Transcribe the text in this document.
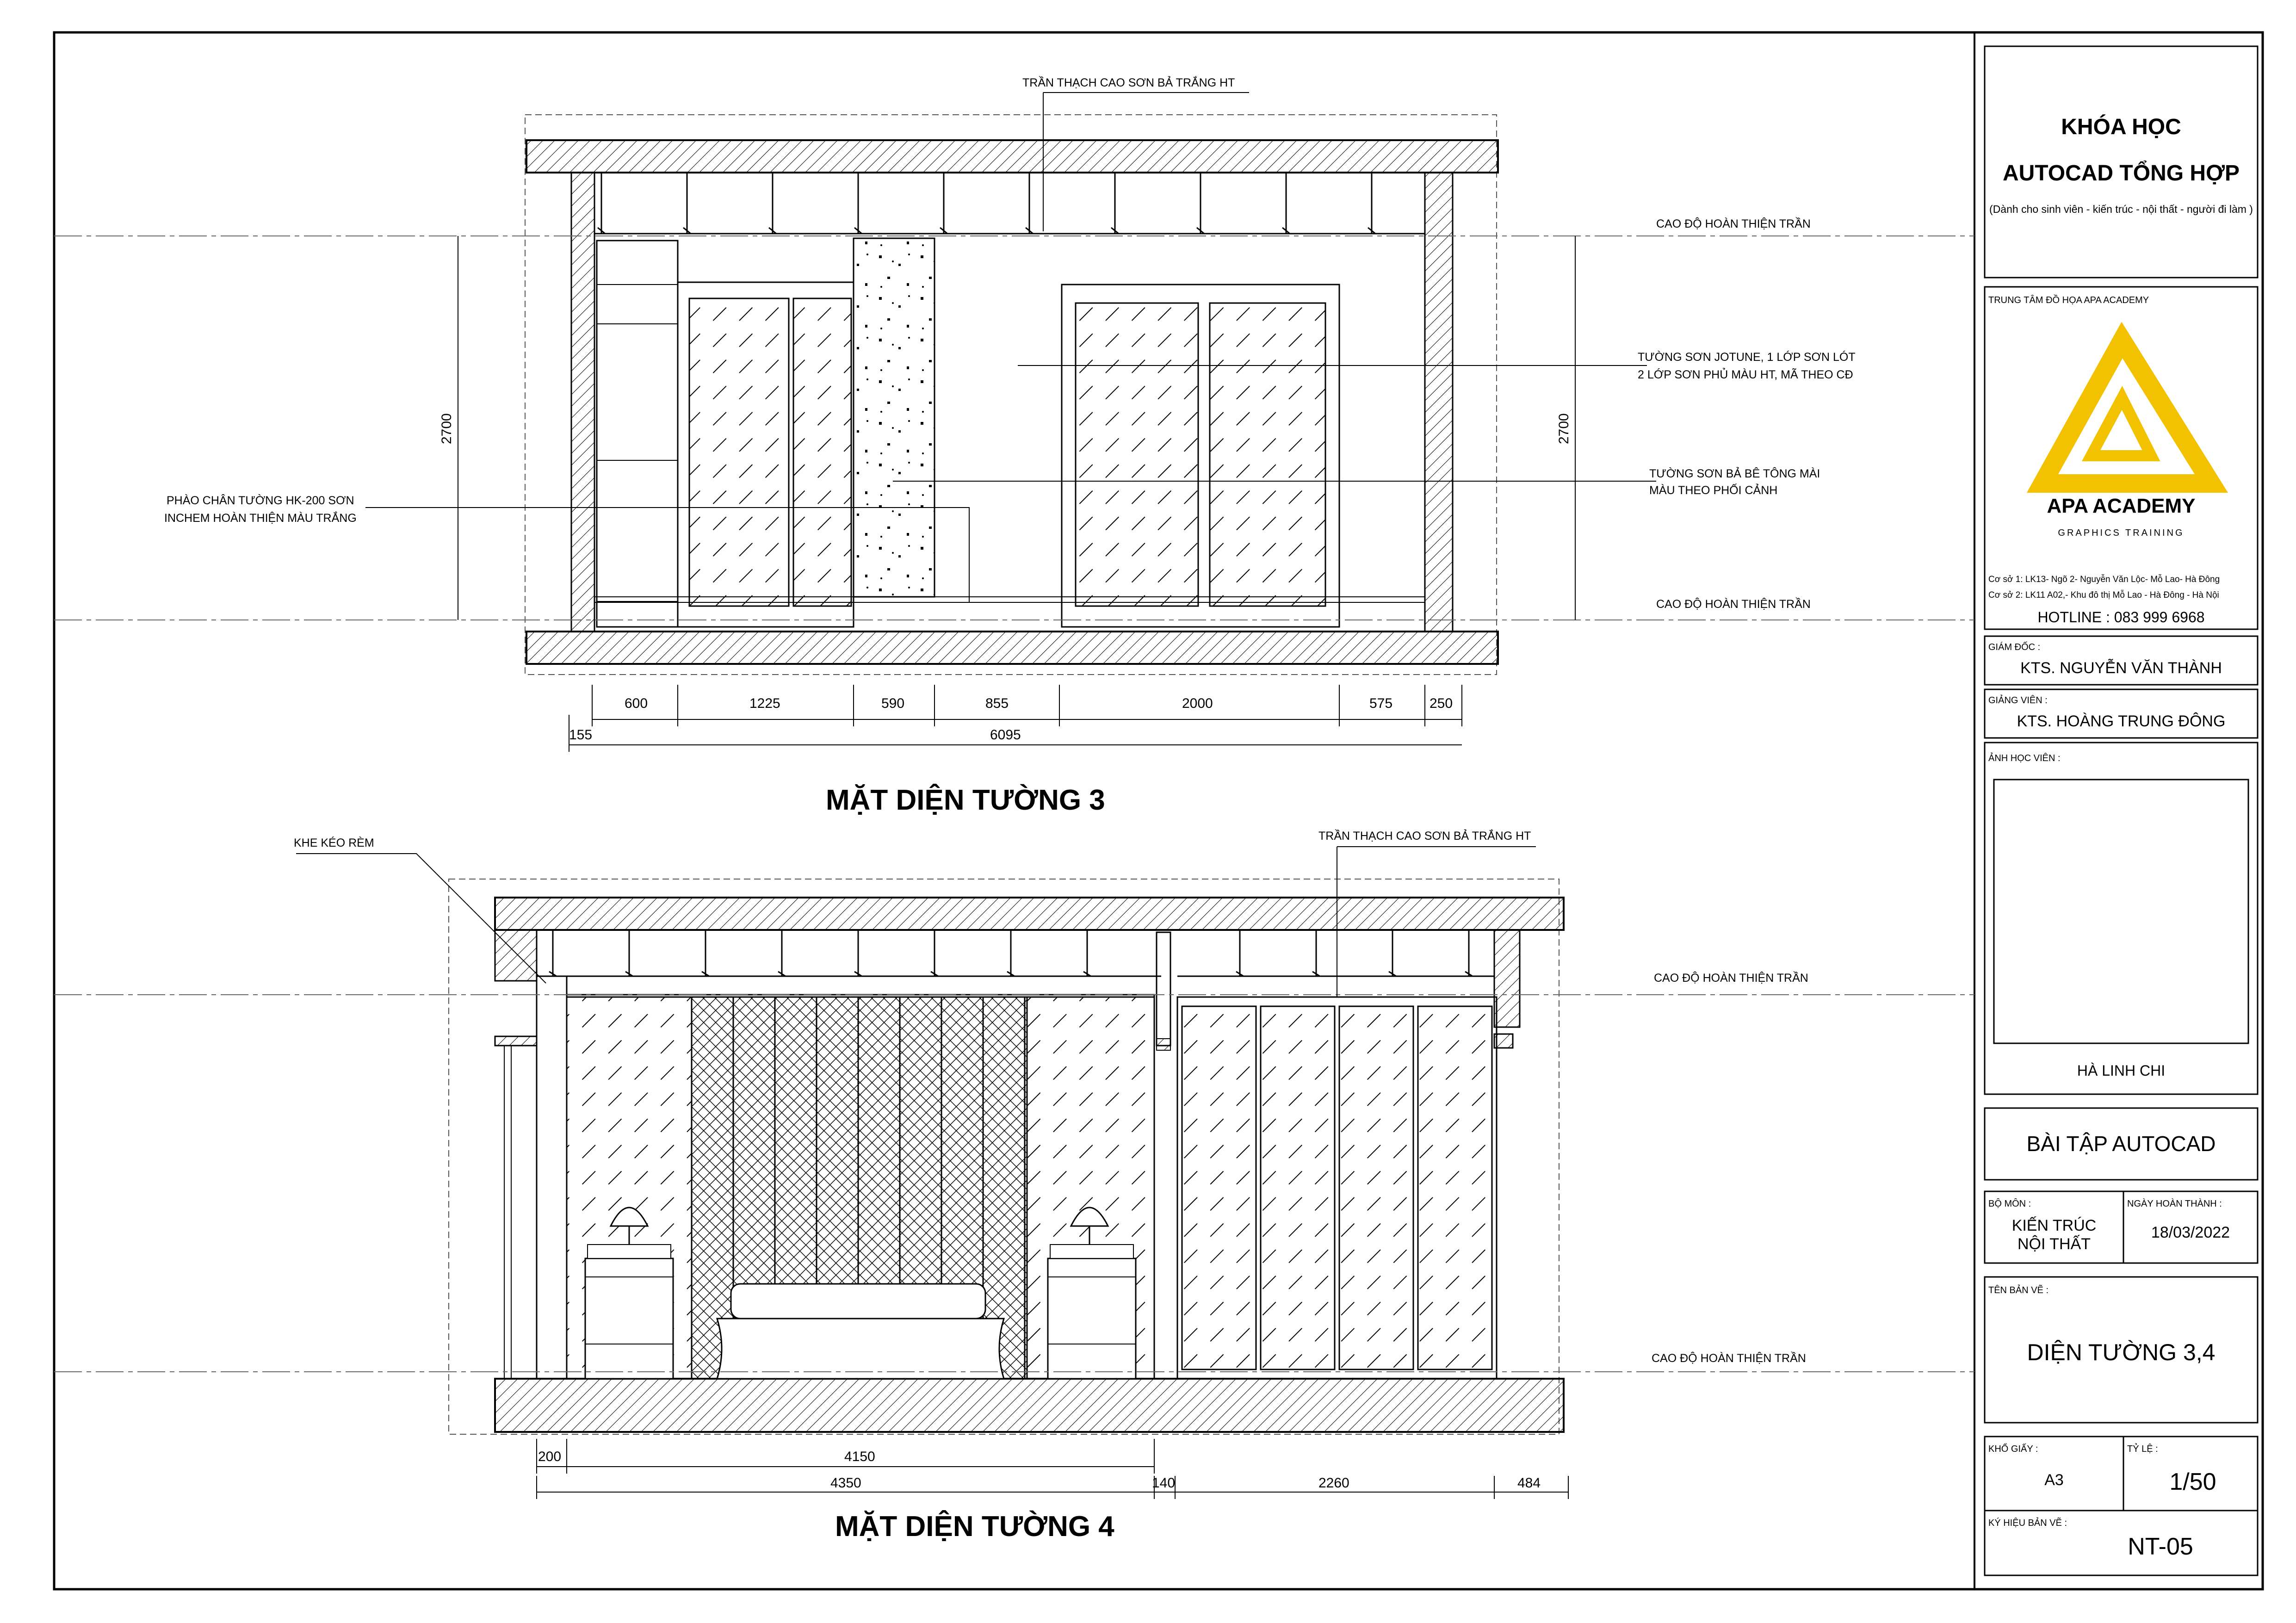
CAO ĐỘ HOÀN THIỆN TRẦN
CAO ĐỘ HOÀN THIỆN TRẦN
TRẦN THẠCH CAO SƠN BẢ TRẮNG HT
TƯỜNG SƠN JOTUNE, 1 LỚP SƠN LÓT
2 LỚP SƠN PHỦ MÀU HT, MÃ THEO CĐ
TƯỜNG SƠN BẢ BÊ TÔNG MÀI
MÀU THEO PHỐI CẢNH
PHÀO CHÂN TƯỜNG HK-200 SƠN
INCHEM HOÀN THIỆN MÀU TRẮNG
2700	2700
600	1225	590	855	2000	575	250
155	6095
MẶT DIỆN TƯỜNG 3
CAO ĐỘ HOÀN THIỆN TRẦN
CAO ĐỘ HOÀN THIỆN TRẦN
KHE KÉO RÈM
TRẦN THẠCH CAO SƠN BẢ TRẮNG HT
200	4150
4350	140	2260	484
MẶT DIỆN TƯỜNG 4
KHÓA HỌC
AUTOCAD TỔNG HỢP
(Dành cho sinh viên - kiến trúc - nội thất - người đi làm )
TRUNG TÂM ĐỒ HỌA APA ACADEMY
APA ACADEMY
GRAPHICS TRAINING
Cơ sở 1: LK13- Ngõ 2- Nguyễn Văn Lộc- Mỗ Lao- Hà Đông
Cơ sở 2: LK11 A02,- Khu đô thị Mỗ Lao - Hà Đông - Hà Nội
HOTLINE : 083 999 6968
GIÁM ĐỐC :
KTS. NGUYỄN VĂN THÀNH
GIẢNG VIÊN :
KTS. HOÀNG TRUNG ĐÔNG
ẢNH HỌC VIÊN :
HÀ LINH CHI
BÀI TẬP AUTOCAD
BỘ MÔN :
KIẾN TRÚC
NỘI THẤT
NGÀY HOÀN THÀNH :
18/03/2022
TÊN BẢN VẼ :
DIỆN TƯỜNG 3,4
KHỔ GIẤY :
A3
TỶ LỆ :
1/50
KÝ HIỆU BẢN VẼ :
NT-05
